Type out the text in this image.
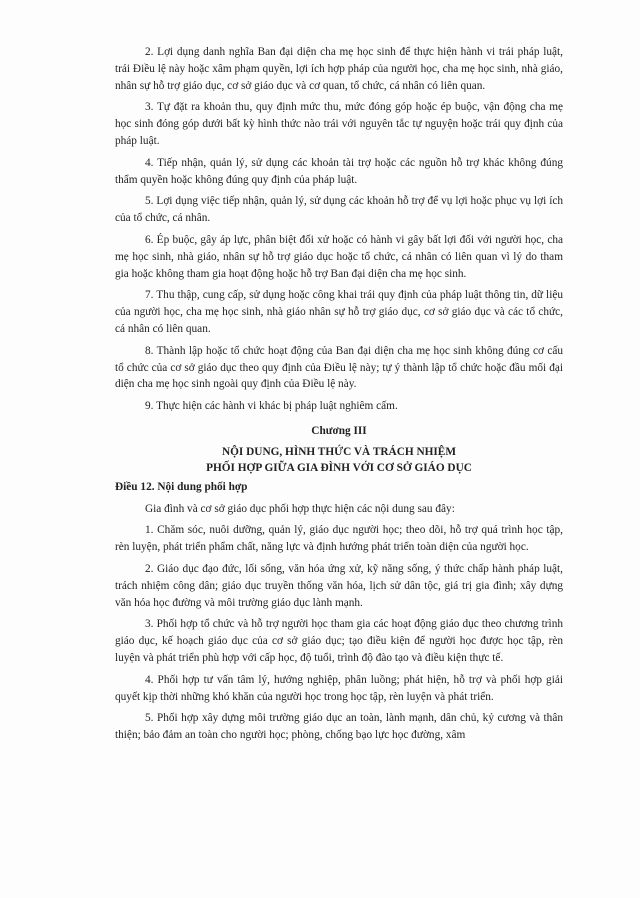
2. Lợi dụng danh nghĩa Ban đại diện cha mẹ học sinh để thực hiện hành vi trái pháp luật, trái Điều lệ này hoặc xâm phạm quyền, lợi ích hợp pháp của người học, cha mẹ học sinh, nhà giáo, nhân sự hỗ trợ giáo dục, cơ sở giáo dục và cơ quan, tổ chức, cá nhân có liên quan.

3. Tự đặt ra khoản thu, quy định mức thu, mức đóng góp hoặc ép buộc, vận động cha mẹ học sinh đóng góp dưới bất kỳ hình thức nào trái với nguyên tắc tự nguyện hoặc trái quy định của pháp luật.

4. Tiếp nhận, quản lý, sử dụng các khoản tài trợ hoặc các nguồn hỗ trợ khác không đúng thẩm quyền hoặc không đúng quy định của pháp luật.

5. Lợi dụng việc tiếp nhận, quản lý, sử dụng các khoản hỗ trợ để vụ lợi hoặc phục vụ lợi ích của tổ chức, cá nhân.

6. Ép buộc, gây áp lực, phân biệt đối xử hoặc có hành vi gây bất lợi đối với người học, cha mẹ học sinh, nhà giáo, nhân sự hỗ trợ giáo dục hoặc tổ chức, cá nhân có liên quan vì lý do tham gia hoặc không tham gia hoạt động hoặc hỗ trợ Ban đại diện cha mẹ học sinh.

7. Thu thập, cung cấp, sử dụng hoặc công khai trái quy định của pháp luật thông tin, dữ liệu của người học, cha mẹ học sinh, nhà giáo nhân sự hỗ trợ giáo dục, cơ sở giáo dục và các tổ chức, cá nhân có liên quan.

8. Thành lập hoặc tổ chức hoạt động của Ban đại diện cha mẹ học sinh không đúng cơ cấu tổ chức của cơ sở giáo dục theo quy định của Điều lệ này; tự ý thành lập tổ chức hoặc đầu mối đại diện cha mẹ học sinh ngoài quy định của Điều lệ này.

9. Thực hiện các hành vi khác bị pháp luật nghiêm cấm.

Chương III
NỘI DUNG, HÌNH THỨC VÀ TRÁCH NHIỆM
PHỐI HỢP GIỮA GIA ĐÌNH VỚI CƠ SỞ GIÁO DỤC
Điều 12. Nội dung phối hợp

Gia đình và cơ sở giáo dục phối hợp thực hiện các nội dung sau đây:

1. Chăm sóc, nuôi dưỡng, quản lý, giáo dục người học; theo dõi, hỗ trợ quá trình học tập, rèn luyện, phát triển phẩm chất, năng lực và định hướng phát triển toàn diện của người học.

2. Giáo dục đạo đức, lối sống, văn hóa ứng xử, kỹ năng sống, ý thức chấp hành pháp luật, trách nhiệm công dân; giáo dục truyền thống văn hóa, lịch sử dân tộc, giá trị gia đình; xây dựng văn hóa học đường và môi trường giáo dục lành mạnh.

3. Phối hợp tổ chức và hỗ trợ người học tham gia các hoạt động giáo dục theo chương trình giáo dục, kế hoạch giáo dục của cơ sở giáo dục; tạo điều kiện để người học được học tập, rèn luyện và phát triển phù hợp với cấp học, độ tuổi, trình độ đào tạo và điều kiện thực tế.

4. Phối hợp tư vấn tâm lý, hướng nghiệp, phân luồng; phát hiện, hỗ trợ và phối hợp giải quyết kịp thời những khó khăn của người học trong học tập, rèn luyện và phát triển.

5. Phối hợp xây dựng môi trường giáo dục an toàn, lành mạnh, dân chủ, kỷ cương và thân thiện; bảo đảm an toàn cho người học; phòng, chống bạo lực học đường, xâm
